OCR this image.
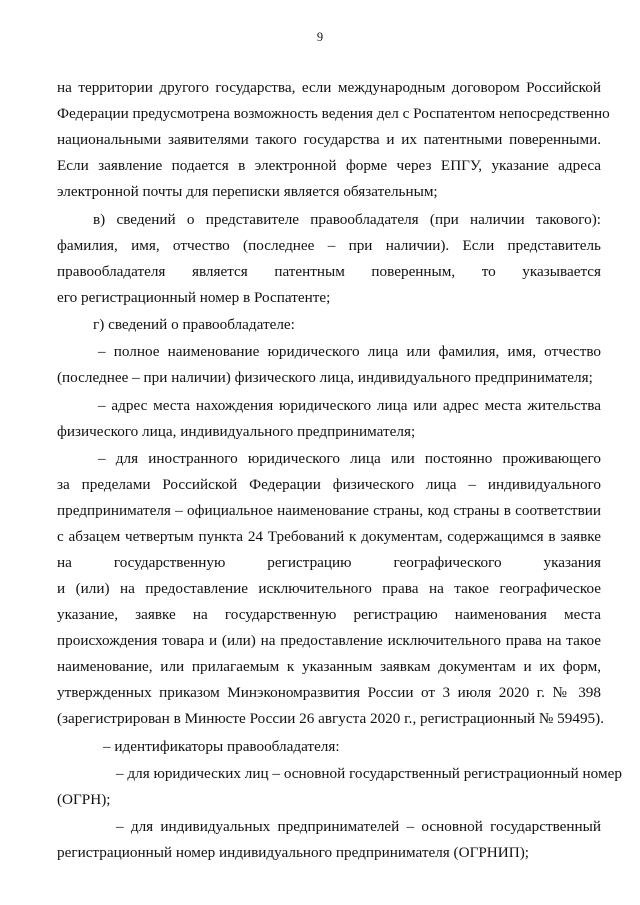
9
на территории другого государства, если международным договором Российской
Федерации предусмотрена возможность ведения дел с Роспатентом непосредственно
национальными заявителями такого государства и их патентными поверенными.
Если заявление подается в электронной форме через ЕПГУ, указание адреса
электронной почты для переписки является обязательным;
в) сведений о представителе правообладателя (при наличии такового):
фамилия, имя, отчество (последнее – при наличии). Если представитель
правообладателя является патентным поверенным, то указывается
его регистрационный номер в Роспатенте;
г) сведений о правообладателе:
– полное наименование юридического лица или фамилия, имя, отчество
(последнее – при наличии) физического лица, индивидуального предпринимателя;
– адрес места нахождения юридического лица или адрес места жительства
физического лица, индивидуального предпринимателя;
– для иностранного юридического лица или постоянно проживающего
за пределами Российской Федерации физического лица – индивидуального
предпринимателя – официальное наименование страны, код страны в соответствии
с абзацем четвертым пункта 24 Требований к документам, содержащимся в заявке
на государственную регистрацию географического указания
и (или) на предоставление исключительного права на такое географическое
указание, заявке на государственную регистрацию наименования места
происхождения товара и (или) на предоставление исключительного права на такое
наименование, или прилагаемым к указанным заявкам документам и их форм,
утвержденных приказом Минэкономразвития России от 3 июля 2020 г. № 398
(зарегистрирован в Минюсте России 26 августа 2020 г., регистрационный № 59495).
– идентификаторы правообладателя:
– для юридических лиц – основной государственный регистрационный номер
(ОГРН);
– для индивидуальных предпринимателей – основной государственный
регистрационный номер индивидуального предпринимателя (ОГРНИП);
